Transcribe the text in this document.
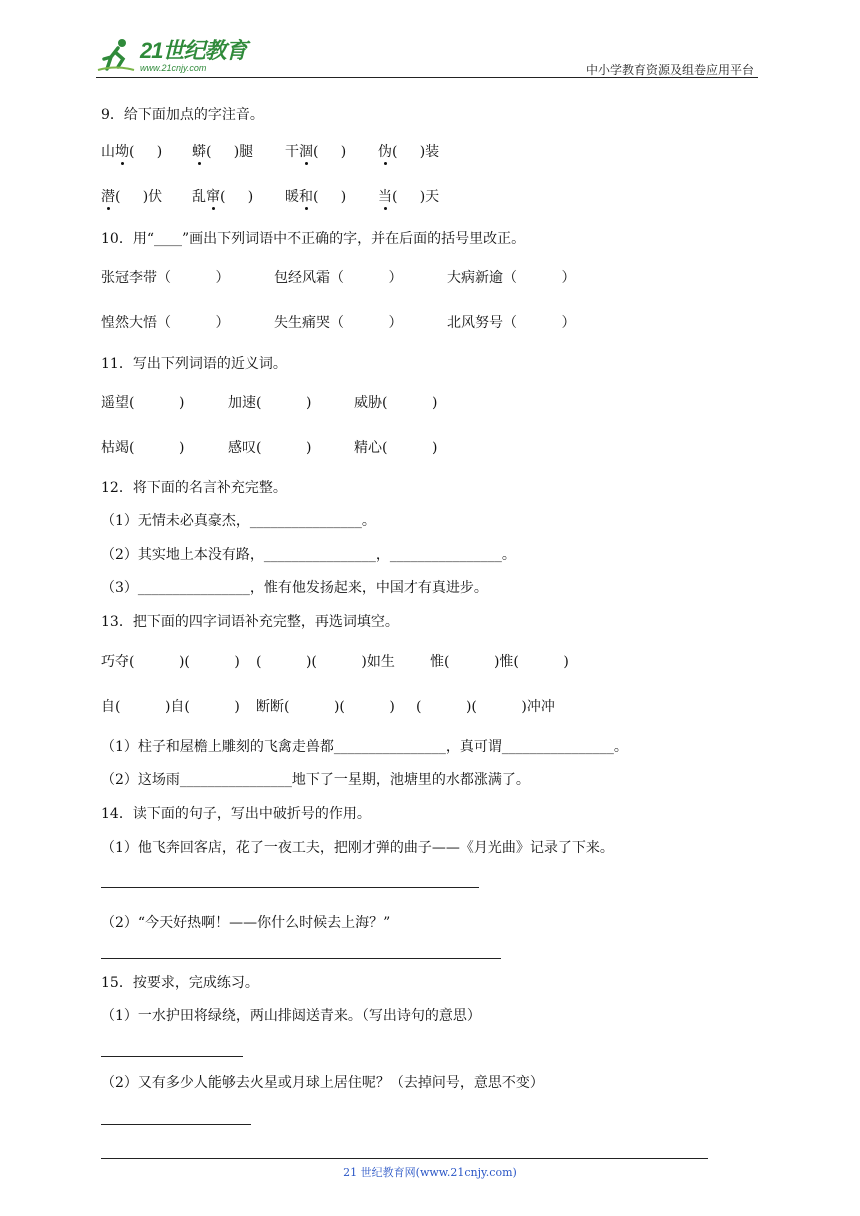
21世纪教育
www.21cnjy.com	中小学教育资源及组卷应用平台
9．给下面加点的字注音。
山坳(     ) 蟒(     )腿 干涸(     ) 伪(     )装
潜(     )伏 乱窜(     ) 暖和(     ) 当(     )天
10．用“____”画出下列词语中不正确的字，并在后面的括号里改正。
张冠李带（          ）	包经风霜（          ）	大病新逾（          ）
惶然大悟（          ）	失生痛哭（          ）	北风努号（          ）
11．写出下列词语的近义词。
遥望(          )	加速(          )	威胁(          )
枯竭(          )	感叹(          )	精心(          )
12．将下面的名言补充完整。
（1）无情未必真豪杰，________________。
（2）其实地上本没有路，________________，________________。
（3）________________，惟有他发扬起来，中国才有真进步。
13．把下面的四字词语补充完整，再选词填空。
巧夺(          )(          ) (          )(          )如生	惟(          )惟(          )
自(          )自(          ) 断断(          )(          ) (          )(          )冲冲
（1）柱子和屋檐上雕刻的飞禽走兽都________________，真可谓________________。
（2）这场雨________________地下了一星期，池塘里的水都涨满了。
14．读下面的句子，写出中破折号的作用。
（1）他飞奔回客店，花了一夜工夫，把刚才弹的曲子——《月光曲》记录了下来。
（2）“今天好热啊！——你什么时候去上海？”
15．按要求，完成练习。
（1）一水护田将绿绕，两山排闼送青来。（写出诗句的意思）
（2）又有多少人能够去火星或月球上居住呢？（去掉问号，意思不变）
21 世纪教育网(www.21cnjy.com)
